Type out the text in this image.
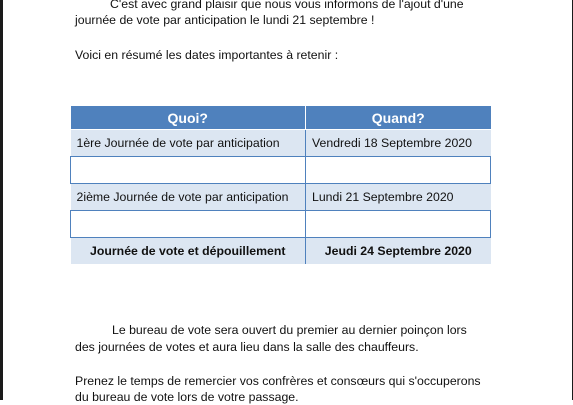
C'est avec grand plaisir que nous vous informons de l'ajout d'une
journée de vote par anticipation le lundi 21 septembre !
Voici en résumé les dates importantes à retenir :
Quoi?	Quand?
1ère Journée de vote par anticipation	Vendredi 18 Septembre 2020

2ième Journée de vote par anticipation	Lundi 21 Septembre 2020

Journée de vote et dépouillement	Jeudi 24 Septembre 2020
Le bureau de vote sera ouvert du premier au dernier poinçon lors
des journées de votes et aura lieu dans la salle des chauffeurs.
Prenez le temps de remercier vos confrères et consœurs qui s'occuperons
du bureau de vote lors de votre passage.
